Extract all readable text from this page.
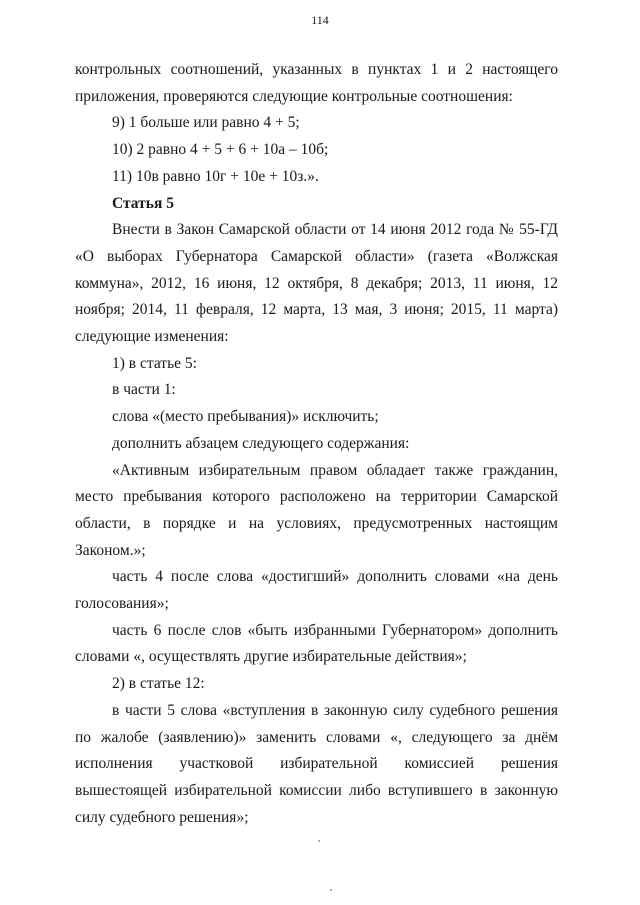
114

контрольных соотношений, указанных в пунктах 1 и 2 настоящего приложения, проверяются следующие контрольные соотношения:

9) 1 больше или равно 4 + 5;

10) 2 равно 4 + 5 + 6 + 10а – 10б;

11) 10в равно 10г + 10е + 10з.».

Статья 5

Внести в Закон Самарской области от 14 июня 2012 года № 55-ГД «О выборах Губернатора Самарской области» (газета «Волжская коммуна», 2012, 16 июня, 12 октября, 8 декабря; 2013, 11 июня, 12 ноября; 2014, 11 февраля, 12 марта, 13 мая, 3 июня; 2015, 11 марта) следующие изменения:

1) в статье 5:

в части 1:

слова «(место пребывания)» исключить;

дополнить абзацем следующего содержания:

«Активным избирательным правом обладает также гражданин, место пребывания которого расположено на территории Самарской области, в порядке и на условиях, предусмотренных настоящим Законом.»;

часть 4 после слова «достигший» дополнить словами «на день голосования»;

часть 6 после слов «быть избранными Губернатором» дополнить словами «, осуществлять другие избирательные действия»;

2) в статье 12:

в части 5 слова «вступления в законную силу судебного решения по жалобе (заявлению)» заменить словами «, следующего за днём исполнения участковой избирательной комиссией решения вышестоящей избирательной комиссии либо вступившего в законную силу судебного решения»;
